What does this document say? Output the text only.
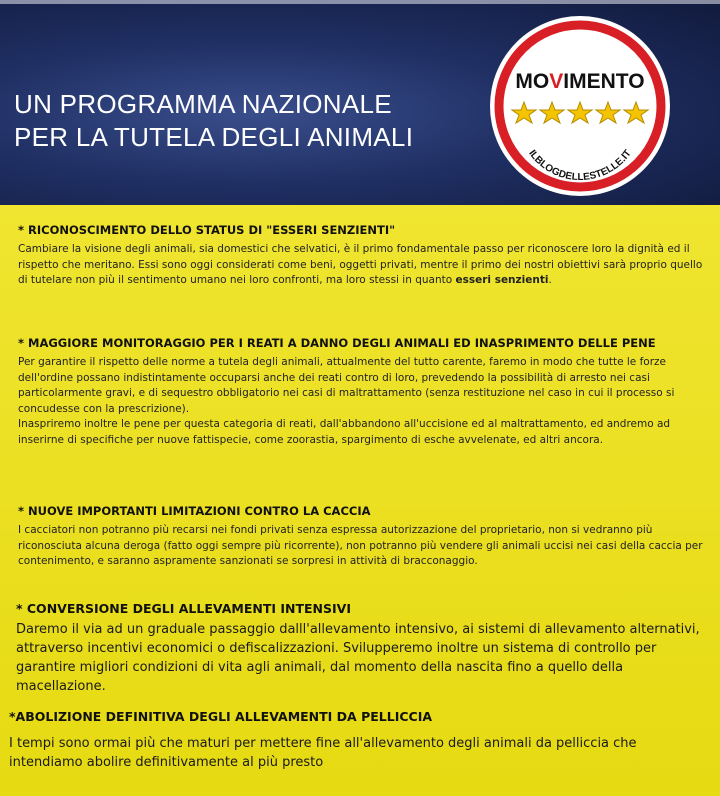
UN PROGRAMMA NAZIONALE
PER LA TUTELA DEGLI ANIMALI
MOVIMENTO
ILBLOGDELLESTELLE.IT
* RICONOSCIMENTO DELLO STATUS DI "ESSERI SENZIENTI"
Cambiare la visione degli animali, sia domestici che selvatici, è il primo fondamentale passo per riconoscere loro la dignità ed il rispetto che meritano. Essi sono oggi considerati come beni, oggetti privati, mentre il primo dei nostri obiettivi sarà proprio quello di tutelare non più il sentimento umano nei loro confronti, ma loro stessi in quanto esseri senzienti.
* MAGGIORE MONITORAGGIO PER I REATI A DANNO DEGLI ANIMALI ED INASPRIMENTO DELLE PENE
Per garantire il rispetto delle norme a tutela degli animali, attualmente del tutto carente, faremo in modo che tutte le forze dell'ordine possano indistintamente occuparsi anche dei reati contro di loro, prevedendo la possibilità di arresto nei casi particolarmente gravi, e di sequestro obbligatorio nei casi di maltrattamento (senza restituzione nel caso in cui il processo si concudesse con la prescrizione).
Inaspriremo inoltre le pene per questa categoria di reati, dall'abbandono all'uccisione ed al maltrattamento, ed andremo ad inserirne di specifiche per nuove fattispecie, come zoorastia, spargimento di esche avvelenate, ed altri ancora.
* NUOVE IMPORTANTI LIMITAZIONI CONTRO LA CACCIA
I cacciatori non potranno più recarsi nei fondi privati senza espressa autorizzazione del proprietario, non si vedranno più riconosciuta alcuna deroga (fatto oggi sempre più ricorrente), non potranno più vendere gli animali uccisi nei casi della caccia per contenimento, e saranno aspramente sanzionati se sorpresi in attività di bracconaggio.
* CONVERSIONE DEGLI ALLEVAMENTI INTENSIVI
Daremo il via ad un graduale passaggio dalll'allevamento intensivo, ai sistemi di allevamento alternativi, attraverso incentivi economici o defiscalizzazioni. Svilupperemo inoltre un sistema di controllo per garantire migliori condizioni di vita agli animali, dal momento della nascita fino a quello della macellazione.
*ABOLIZIONE DEFINITIVA DEGLI ALLEVAMENTI DA PELLICCIA
I tempi sono ormai più che maturi per mettere fine all'allevamento degli animali da pelliccia che intendiamo abolire definitivamente al più presto
